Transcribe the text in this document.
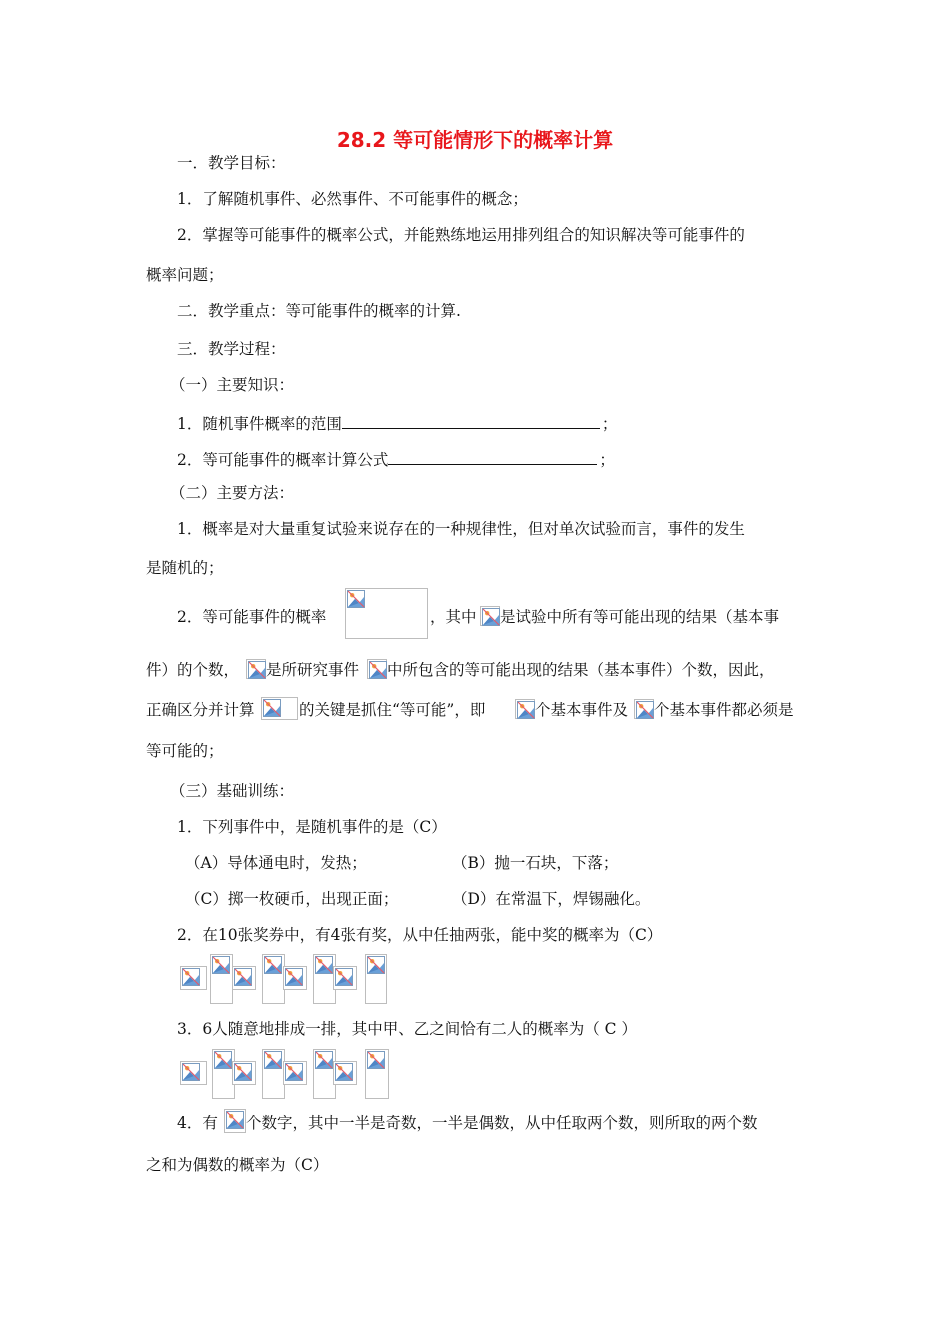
28.2 等可能情形下的概率计算
一．教学目标：
1．了解随机事件、必然事件、不可能事件的概念；
2．掌握等可能事件的概率公式，并能熟练地运用排列组合的知识解决等可能事件的
概率问题；
二．教学重点：等可能事件的概率的计算.
三．教学过程：
（一）主要知识：
1．随机事件概率的范围	；
2．等可能事件的概率计算公式	；
（二）主要方法：
1．概率是对大量重复试验来说存在的一种规律性，但对单次试验而言，事件的发生
是随机的；
2．等可能事件的概率	，其中 是试验中所有等可能出现的结果（基本事
件）的个数， 是所研究事件 中所包含的等可能出现的结果（基本事件）个数，因此，
正确区分并计算	的关键是抓住“等可能”，即	个基本事件及 个基本事件都必须是
等可能的；
（三）基础训练：
1．下列事件中，是随机事件的是（C）
（A）导体通电时，发热；	（B）抛一石块，下落；
（C）掷一枚硬币，出现正面；	（D）在常温下，焊锡融化。
2．在10张奖券中，有4张有奖，从中任抽两张，能中奖的概率为（C）
3．6人随意地排成一排，其中甲、乙之间恰有二人的概率为（ C ）
4．有 个数字，其中一半是奇数，一半是偶数，从中任取两个数，则所取的两个数
之和为偶数的概率为（C）
